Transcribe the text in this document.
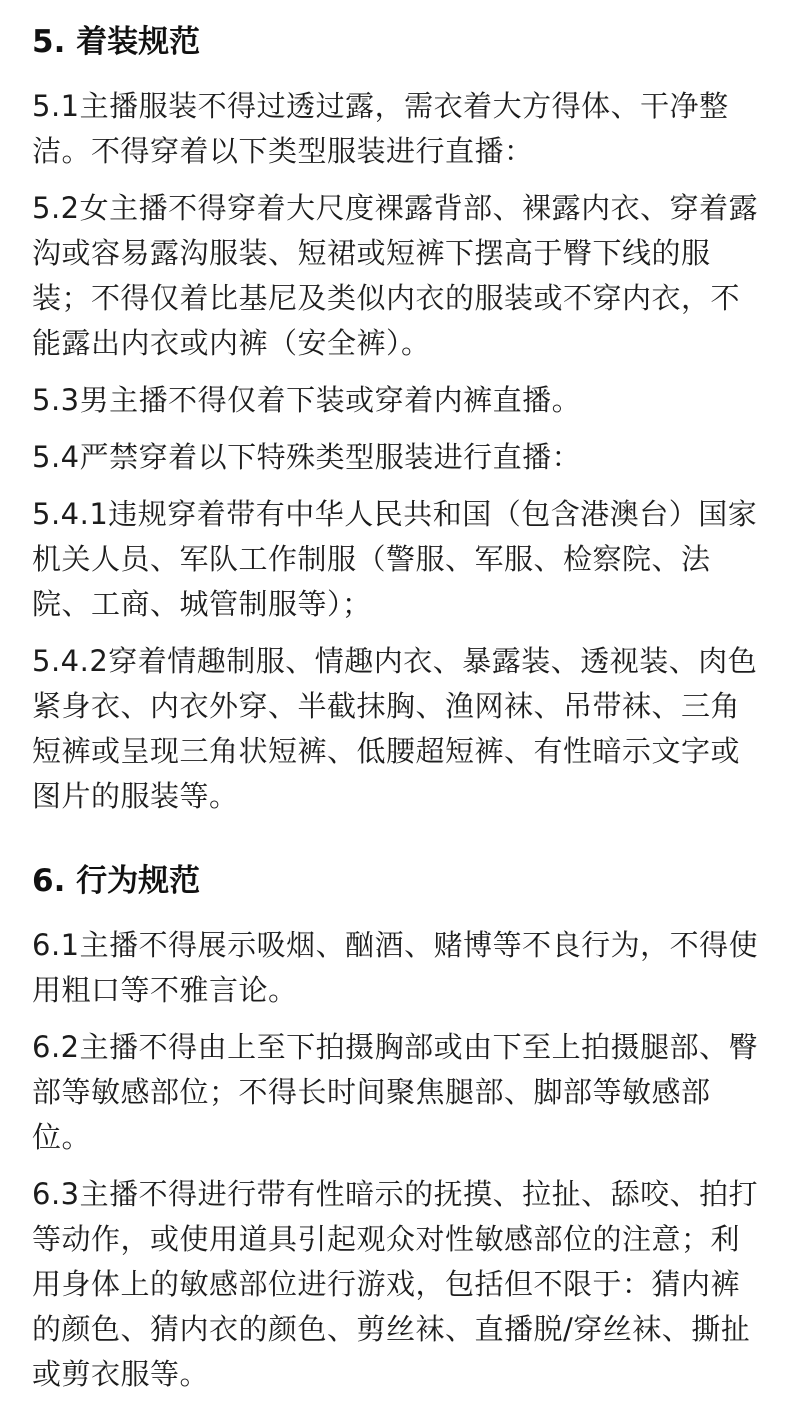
5. 着装规范
5.1主播服装不得过透过露，需衣着大方得体、干净整洁。不得穿着以下类型服装进行直播：
5.2女主播不得穿着大尺度裸露背部、裸露内衣、穿着露沟或容易露沟服装、短裙或短裤下摆高于臀下线的服装；不得仅着比基尼及类似内衣的服装或不穿内衣，不能露出内衣或内裤（安全裤）。
5.3男主播不得仅着下装或穿着内裤直播。
5.4严禁穿着以下特殊类型服装进行直播：
5.4.1违规穿着带有中华人民共和国（包含港澳台）国家机关人员、军队工作制服（警服、军服、检察院、法院、工商、城管制服等）；
5.4.2穿着情趣制服、情趣内衣、暴露装、透视装、肉色紧身衣、内衣外穿、半截抹胸、渔网袜、吊带袜、三角短裤或呈现三角状短裤、低腰超短裤、有性暗示文字或图片的服装等。
6. 行为规范
6.1主播不得展示吸烟、酗酒、赌博等不良行为，不得使用粗口等不雅言论。
6.2主播不得由上至下拍摄胸部或由下至上拍摄腿部、臀部等敏感部位；不得长时间聚焦腿部、脚部等敏感部位。
6.3主播不得进行带有性暗示的抚摸、拉扯、舔咬、拍打等动作，或使用道具引起观众对性敏感部位的注意；利用身体上的敏感部位进行游戏，包括但不限于：猜内裤的颜色、猜内衣的颜色、剪丝袜、直播脱/穿丝袜、撕扯或剪衣服等。
